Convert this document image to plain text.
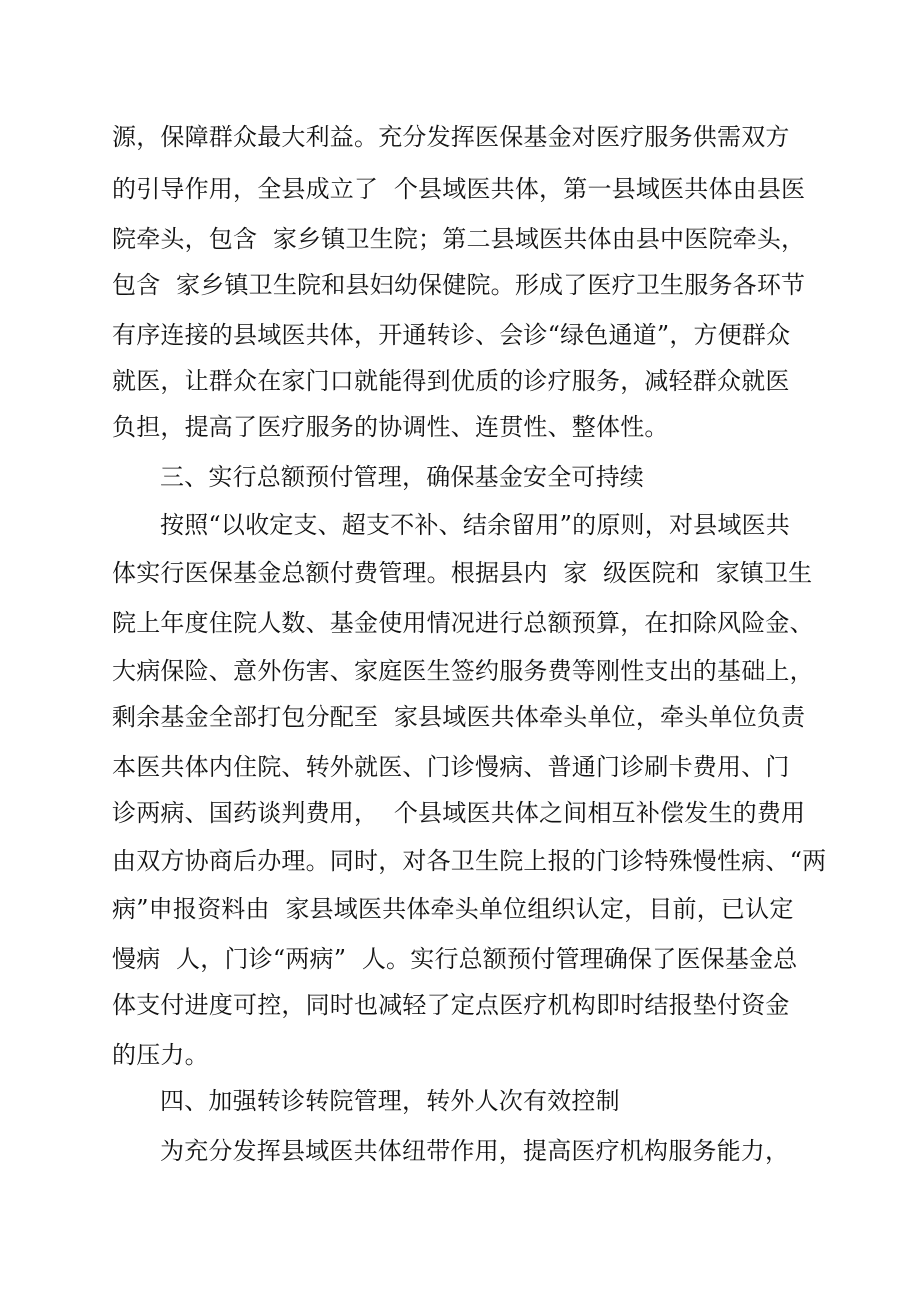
源，保障群众最大利益。充分发挥医保基金对医疗服务供需双方
的引导作用，全县成立了  个县域医共体，第一县域医共体由县医
院牵头，包含  家乡镇卫生院；第二县域医共体由县中医院牵头，
包含  家乡镇卫生院和县妇幼保健院。形成了医疗卫生服务各环节
有序连接的县域医共体，开通转诊、会诊“绿色通道”，方便群众
就医，让群众在家门口就能得到优质的诊疗服务，减轻群众就医
负担，提高了医疗服务的协调性、连贯性、整体性。
三、实行总额预付管理，确保基金安全可持续
按照“以收定支、超支不补、结余留用”的原则，对县域医共
体实行医保基金总额付费管理。根据县内  家  级医院和  家镇卫生
院上年度住院人数、基金使用情况进行总额预算，在扣除风险金、
大病保险、意外伤害、家庭医生签约服务费等刚性支出的基础上，
剩余基金全部打包分配至  家县域医共体牵头单位，牵头单位负责
本医共体内住院、转外就医、门诊慢病、普通门诊刷卡费用、门
诊两病、国药谈判费用，  个县域医共体之间相互补偿发生的费用
由双方协商后办理。同时，对各卫生院上报的门诊特殊慢性病、“两
病”申报资料由  家县域医共体牵头单位组织认定，目前，已认定
慢病  人，门诊“两病”  人。实行总额预付管理确保了医保基金总
体支付进度可控，同时也减轻了定点医疗机构即时结报垫付资金
的压力。
四、加强转诊转院管理，转外人次有效控制
为充分发挥县域医共体纽带作用，提高医疗机构服务能力，
